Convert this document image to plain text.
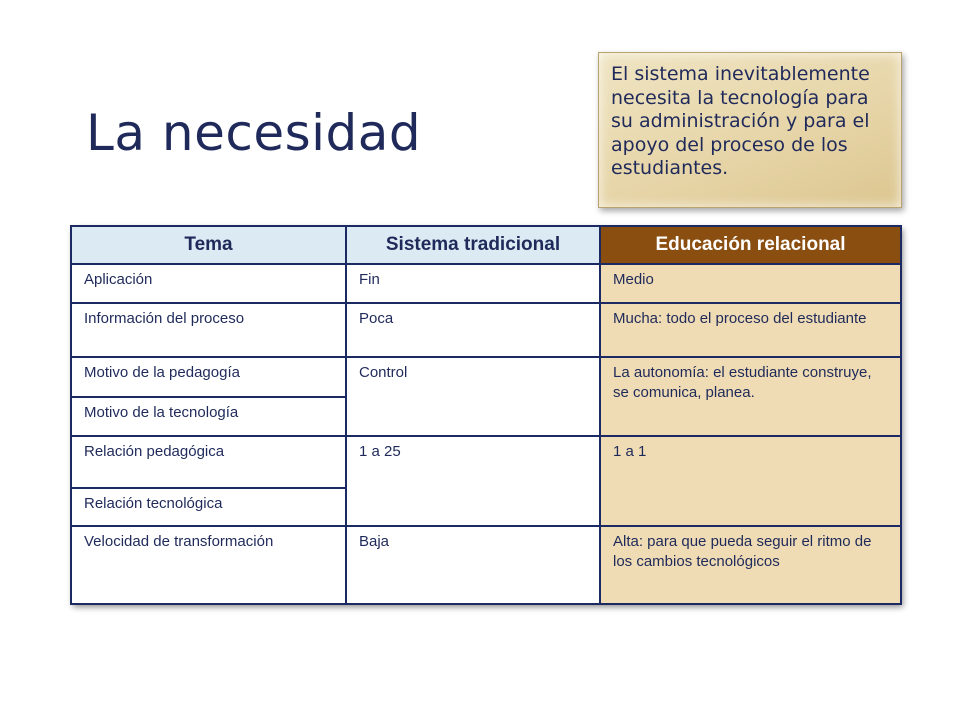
La necesidad
El sistema inevitablemente necesita la tecnología para su administración y para el apoyo del proceso de los estudiantes.
Tema	Sistema tradicional	Educación relacional
Aplicación	Fin	Medio
Información del proceso	Poca	Mucha: todo el proceso del estudiante
Motivo de la pedagogía	Control	La autonomía: el estudiante construye, se comunica, planea.
Motivo de la tecnología		
Relación pedagógica	1 a 25	1 a 1
Relación tecnológica		
Velocidad de transformación	Baja	Alta: para que pueda seguir el ritmo de los cambios tecnológicos
